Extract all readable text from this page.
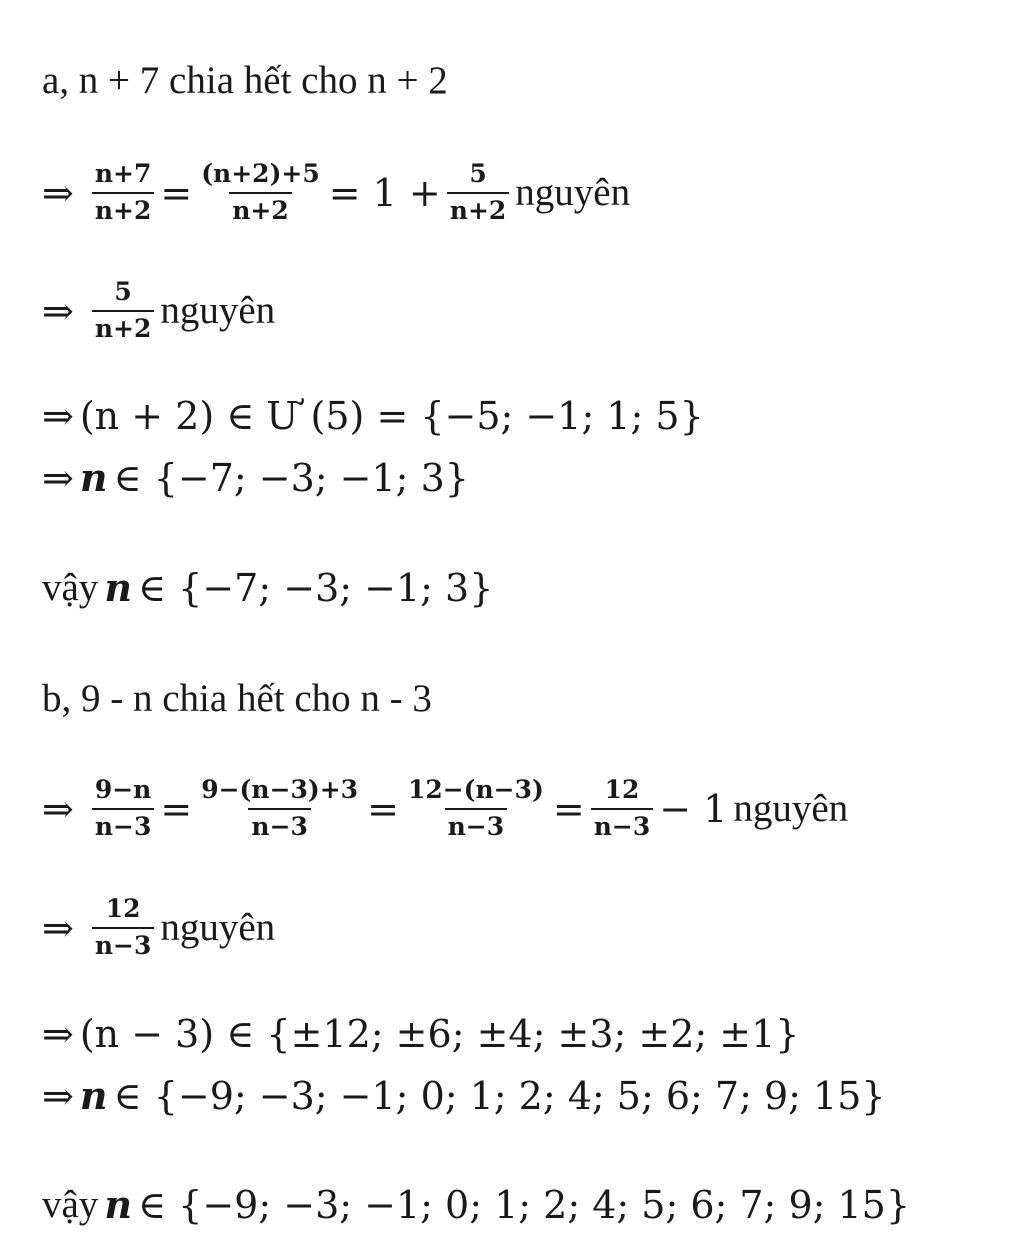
a, n + 7 chia hết cho n + 2
⇒ $\frac{n+7}{n+2} = \frac{(n+2)+5}{n+2} = 1 + \frac{5}{n+2}$ nguyên
⇒ $\frac{5}{n+2}$ nguyên
⇒ (n + 2) ∈ Ư (5) = {−5; −1; 1; 5}
⇒ n ∈ {−7; −3; −1; 3}
vậy n ∈ {−7; −3; −1; 3}
b, 9 - n chia hết cho n - 3
⇒ $\frac{9-n}{n-3} = \frac{9-(n-3)+3}{n-3} = \frac{12-(n-3)}{n-3} = \frac{12}{n-3} - 1$ nguyên
⇒ $\frac{12}{n-3}$ nguyên
⇒ (n − 3) ∈ {±12; ±6; ±4; ±3; ±2; ±1}
⇒ n ∈ {−9; −3; −1; 0; 1; 2; 4; 5; 6; 7; 9; 15}
vậy n ∈ {−9; −3; −1; 0; 1; 2; 4; 5; 6; 7; 9; 15}
